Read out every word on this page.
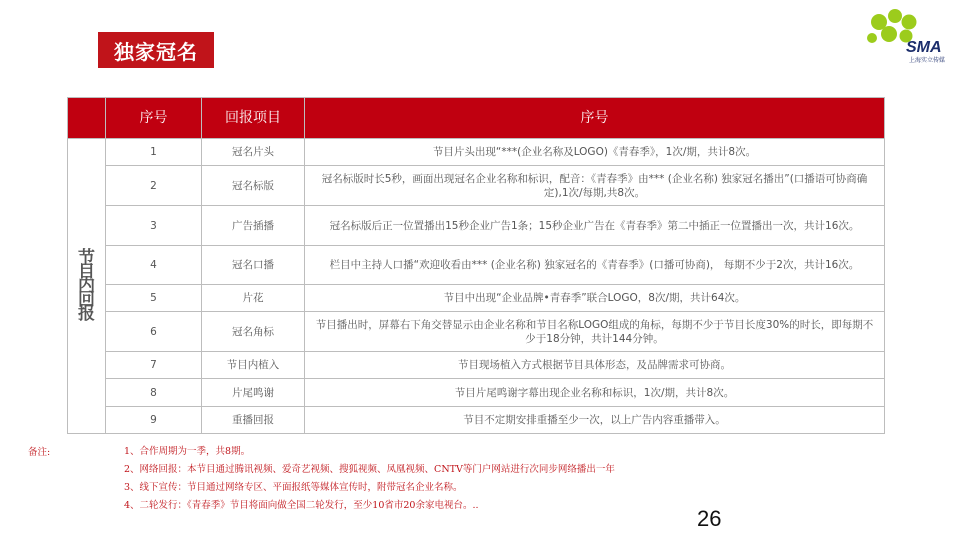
独家冠名	SMA
上海实立传媒
	序号	回报项目	序号
节目内回报	1	冠名片头	节目片头出现“***(企业名称及LOGO)《青春季》，1次/期，共计8次。
	2	冠名标版	冠名标版时长5秒，画面出现冠名企业名称和标识，配音：《青春季》由*** (企业名称) 独家冠名播出”(口播语可协商确定),1次/每期,共8次。
	3	广告插播	冠名标版后正一位置播出15秒企业广告1条；15秒企业广告在《青春季》第二中插正一位置播出一次，共计16次。
	4	冠名口播	栏目中主持人口播“欢迎收看由*** (企业名称) 独家冠名的《青春季》(口播可协商)， 每期不少于2次，共计16次。
	5	片花	节目中出现“企业品牌•青春季”联合LOGO，8次/期，共计64次。
	6	冠名角标	节目播出时，屏幕右下角交替显示由企业名称和节目名称LOGO组成的角标，每期不少于节目长度30%的时长，即每期不少于18分钟，共计144分钟。
	7	节目内植入	节目现场植入方式根据节目具体形态，及品牌需求可协商。
	8	片尾鸣谢	节目片尾鸣谢字幕出现企业名称和标识，1次/期，共计8次。
	9	重播回报	节目不定期安排重播至少一次，以上广告内容重播带入。
备注:	1、合作周期为一季，共8期。
2、网络回报：本节目通过腾讯视频、爱奇艺视频、搜狐视频、凤凰视频、CNTV等门户网站进行次同步网络播出一年
3、线下宣传：节目通过网络专区、平面报纸等媒体宣传时，附带冠名企业名称。
4、二轮发行：《青春季》节目将面向做全国二轮发行，至少10省市20余家电视台。..
26
